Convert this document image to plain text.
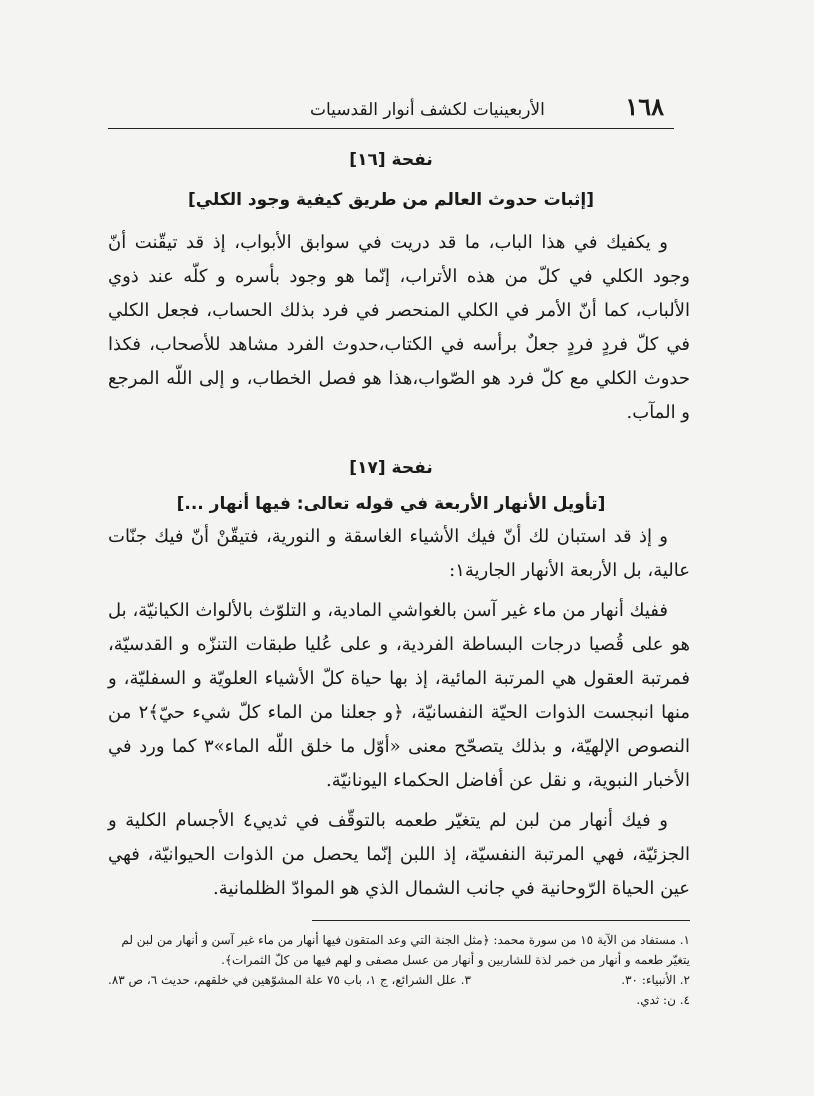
١٦٨
الأربعينيات لكشف أنوار القدسيات
نفحة [١٦]
[إثبات حدوث العالم من طريق كيفية وجود الكلي]

و يكفيك في هذا الباب، ما قد دريت في سوابق الأبواب، إذ قد تيقّنت أنّ وجود الكلي في كلّ من هذه الأتراب، إنّما هو وجود بأسره و كلّه عند ذوي الألباب، كما أنّ الأمر في الكلي المنحصر في فرد بذلك الحساب، فجعل الكلي في كلّ فردٍ فردٍ جعلٌ برأسه في الكتاب،حدوث الفرد مشاهد للأصحاب، فكذا حدوث الكلي مع كلّ فرد هو الصّواب،هذا هو فصل الخطاب، و إلى اللّه المرجع و المآب.

نفحة [١٧]
[تأويل الأنهار الأربعة في قوله تعالى: فيها أنهار ...]

و إذ قد استبان لك أنّ فيك الأشياء الغاسقة و النورية، فتيقّنْ أنّ فيك جنّات عالية، بل الأربعة الأنهار الجارية١:

ففيك أنهار من ماء غير آسن بالغواشي المادية، و التلوّث بالألواث الكيانيّة، بل هو على قُصيا درجات البساطة الفردية، و على عُليا طبقات التنزّه و القدسيّة، فمرتبة العقول هي المرتبة المائية، إذ بها حياة كلّ الأشياء العلويّة و السفليّة، و منها انبجست الذوات الحيّة النفسانيّة، ﴿و جعلنا من الماء كلّ شيء حيّ﴾٢ من النصوص الإلهيّة، و بذلك يتصحّح معنى «أوّل ما خلق اللّه الماء»٣ كما ورد في الأخبار النبوية، و نقل عن أفاضل الحكماء اليونانيّة.

و فيك أنهار من لبن لم يتغيّر طعمه بالتوقّف في ثديي٤ الأجسام الكلية و الجزئيّة، فهي المرتبة النفسيّة، إذ اللبن إنّما يحصل من الذوات الحيوانيّة، فهي عين الحياة الرّوحانية في جانب الشمال الذي هو الموادّ الظلمانية.

١. مستفاد من الآية ١٥ من سورة محمد: ﴿مثل الجنة التي وعد المتقون فيها أنهار من ماء غير آسن و أنهار من لبن لم يتغيّر طعمه و أنهار من خمر لذة للشاربين و أنهار من عسل مصفى و لهم فيها من كلّ الثمرات﴾.

٢. الأنبياء: ٣٠.
٣. علل الشرائع، ج ١، باب ٧٥ علة المشوّهين في خلقهم، حديث ٦، ص ٨٣.

٤. ن: ثدي.
